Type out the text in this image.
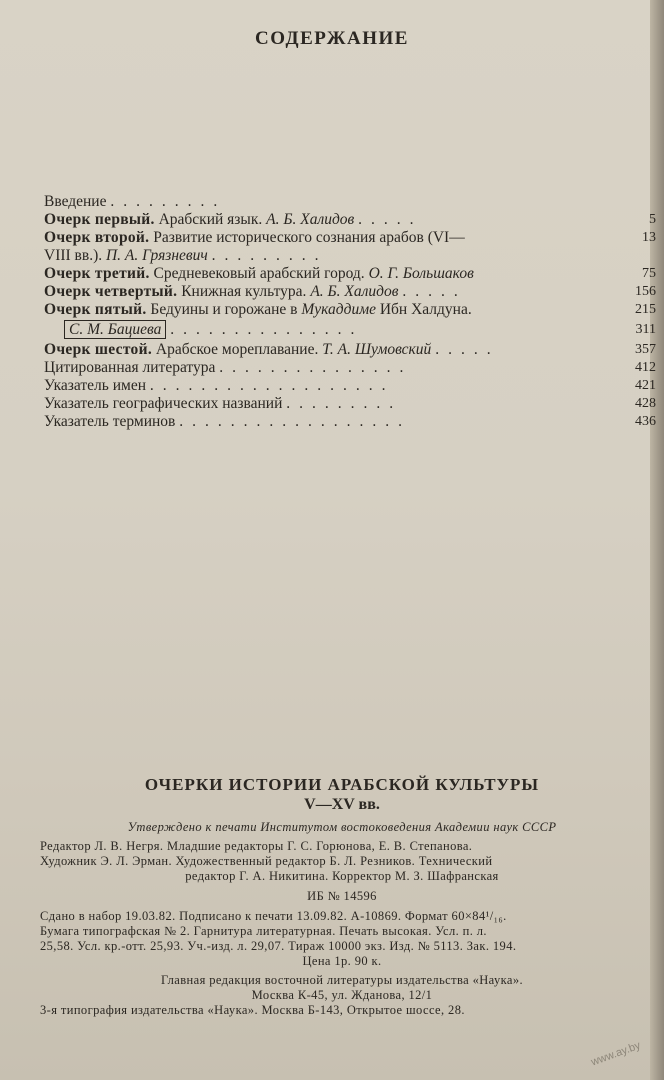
СОДЕРЖАНИЕ
Введение .........
Очерк первый. Арабский язык. А. Б. Халидов .....	5
Очерк второй. Развитие исторического сознания арабов (VI—	13
VIII вв.). П. А. Грязневич .........
Очерк третий. Средневековый арабский город. О. Г. Большаков	75
Очерк четвертый. Книжная культура. А. Б. Халидов .....	156
Очерк пятый. Бедуины и горожане в Мукаддиме Ибн Халдуна.	215
С. М. Бациева ...............	311
Очерк шестой. Арабское мореплавание. Т. А. Шумовский .....	357
Цитированная литература ...............	412
Указатель имен ...................	421
Указатель географических названий .........	428
Указатель терминов ..................	436
ОЧЕРКИ ИСТОРИИ АРАБСКОЙ КУЛЬТУРЫ
V—XV вв.
Утверждено к печати Институтом востоковедения Академии наук СССР
Редактор Л. В. Негря. Младшие редакторы Г. С. Горюнова, Е. В. Степанова.
Художник Э. Л. Эрман. Художественный редактор Б. Л. Резников. Технический
редактор Г. А. Никитина. Корректор М. З. Шафранская
ИБ № 14596
Сдано в набор 19.03.82. Подписано к печати 13.09.82. А-10869. Формат 60×84¹/₁₆.
Бумага типографская № 2. Гарнитура литературная. Печать высокая. Усл. п. л.
25,58. Усл. кр.-отт. 25,93. Уч.-изд. л. 29,07. Тираж 10000 экз. Изд. № 5113. Зак. 194.
Цена 1р. 90 к.
Главная редакция восточной литературы издательства «Наука».
Москва К-45, ул. Жданова, 12/1
3-я типография издательства «Наука». Москва Б-143, Открытое шоссе, 28.
www.ay.by
